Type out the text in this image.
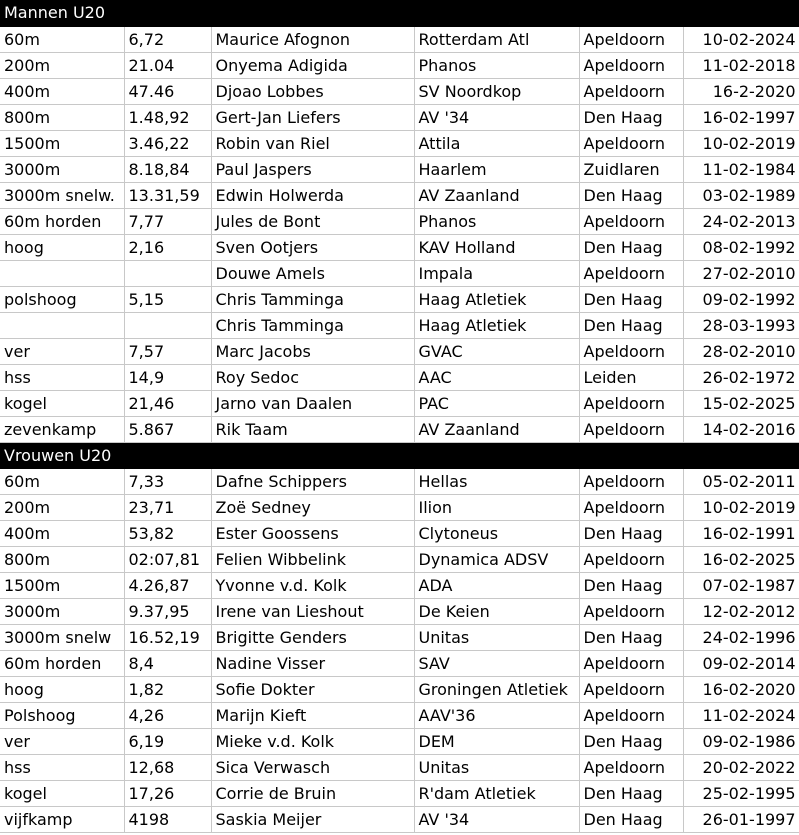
Mannen U20					
60m	6,72	Maurice Afognon	Rotterdam Atl	Apeldoorn	10-02-2024
200m	21.04	Onyema Adigida	Phanos	Apeldoorn	11-02-2018
400m	47.46	Djoao Lobbes	SV Noordkop	Apeldoorn	16-2-2020
800m	1.48,92	Gert-Jan Liefers	AV '34	Den Haag	16-02-1997
1500m	3.46,22	Robin van Riel	Attila	Apeldoorn	10-02-2019
3000m	8.18,84	Paul Jaspers	Haarlem	Zuidlaren	11-02-1984
3000m snelw.	13.31,59	Edwin Holwerda	AV Zaanland	Den Haag	03-02-1989
60m horden	7,77	Jules de Bont	Phanos	Apeldoorn	24-02-2013
hoog	2,16	Sven Ootjers	KAV Holland	Den Haag	08-02-1992
		Douwe Amels	Impala	Apeldoorn	27-02-2010
polshoog	5,15	Chris Tamminga	Haag Atletiek	Den Haag	09-02-1992
		Chris Tamminga	Haag Atletiek	Den Haag	28-03-1993
ver	7,57	Marc Jacobs	GVAC	Apeldoorn	28-02-2010
hss	14,9	Roy Sedoc	AAC	Leiden	26-02-1972
kogel	21,46	Jarno van Daalen	PAC	Apeldoorn	15-02-2025
zevenkamp	5.867	Rik Taam	AV Zaanland	Apeldoorn	14-02-2016
Vrouwen U20					
60m	7,33	Dafne Schippers	Hellas	Apeldoorn	05-02-2011
200m	23,71	Zoë Sedney	Ilion	Apeldoorn	10-02-2019
400m	53,82	Ester Goossens	Clytoneus	Den Haag	16-02-1991
800m	02:07,81	Felien Wibbelink	Dynamica ADSV	Apeldoorn	16-02-2025
1500m	4.26,87	Yvonne v.d. Kolk	ADA	Den Haag	07-02-1987
3000m	9.37,95	Irene van Lieshout	De Keien	Apeldoorn	12-02-2012
3000m snelw	16.52,19	Brigitte Genders	Unitas	Den Haag	24-02-1996
60m horden	8,4	Nadine Visser	SAV	Apeldoorn	09-02-2014
hoog	1,82	Sofie Dokter	Groningen Atletiek	Apeldoorn	16-02-2020
Polshoog	4,26	Marijn Kieft	AAV'36	Apeldoorn	11-02-2024
ver	6,19	Mieke v.d. Kolk	DEM	Den Haag	09-02-1986
hss	12,68	Sica Verwasch	Unitas	Apeldoorn	20-02-2022
kogel	17,26	Corrie de Bruin	R'dam Atletiek	Den Haag	25-02-1995
vijfkamp	4198	Saskia Meijer	AV '34	Den Haag	26-01-1997
